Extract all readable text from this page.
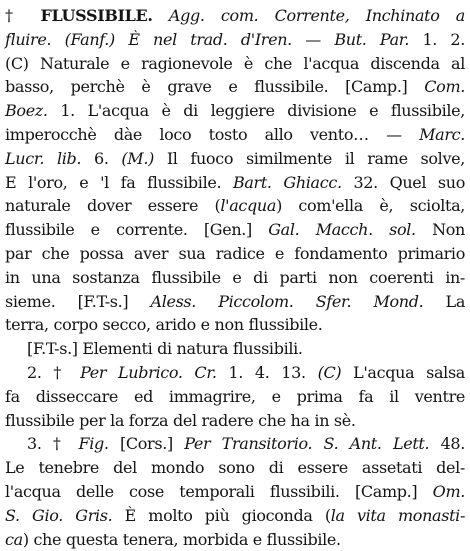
† FLUSSIBILE. Agg. com. Corrente, Inchinato a
fluire. (Fanf.) È nel trad. d'Iren. — But. Par. 1. 2.
(C) Naturale e ragionevole è che l'acqua discenda al
basso, perchè è grave e flussibile. [Camp.] Com.
Boez. 1. L'acqua è di leggiere divisione e flussibile,
imperocchè dàe loco tosto allo vento… — Marc.
Lucr. lib. 6. (M.) Il fuoco similmente il rame solve,
E l'oro, e 'l fa flussibile. Bart. Ghiacc. 32. Quel suo
naturale dover essere (l'acqua) com'ella è, sciolta,
flussibile e corrente. [Gen.] Gal. Macch. sol. Non
par che possa aver sua radice e fondamento primario
in una sostanza flussibile e di parti non coerenti in-
sieme. [F.T-s.] Aless. Piccolom. Sfer. Mond. La
terra, corpo secco, arido e non flussibile.
[F.T-s.] Elementi di natura flussibili.
2. † Per Lubrico. Cr. 1. 4. 13. (C) L'acqua salsa
fa disseccare ed immagrire, e prima fa il ventre
flussibile per la forza del radere che ha in sè.
3. † Fig. [Cors.] Per Transitorio. S. Ant. Lett. 48.
Le tenebre del mondo sono di essere assetati del-
l'acqua delle cose temporali flussibili. [Camp.] Om.
S. Gio. Gris. È molto più gioconda (la vita monasti-
ca) che questa tenera, morbida e flussibile.
